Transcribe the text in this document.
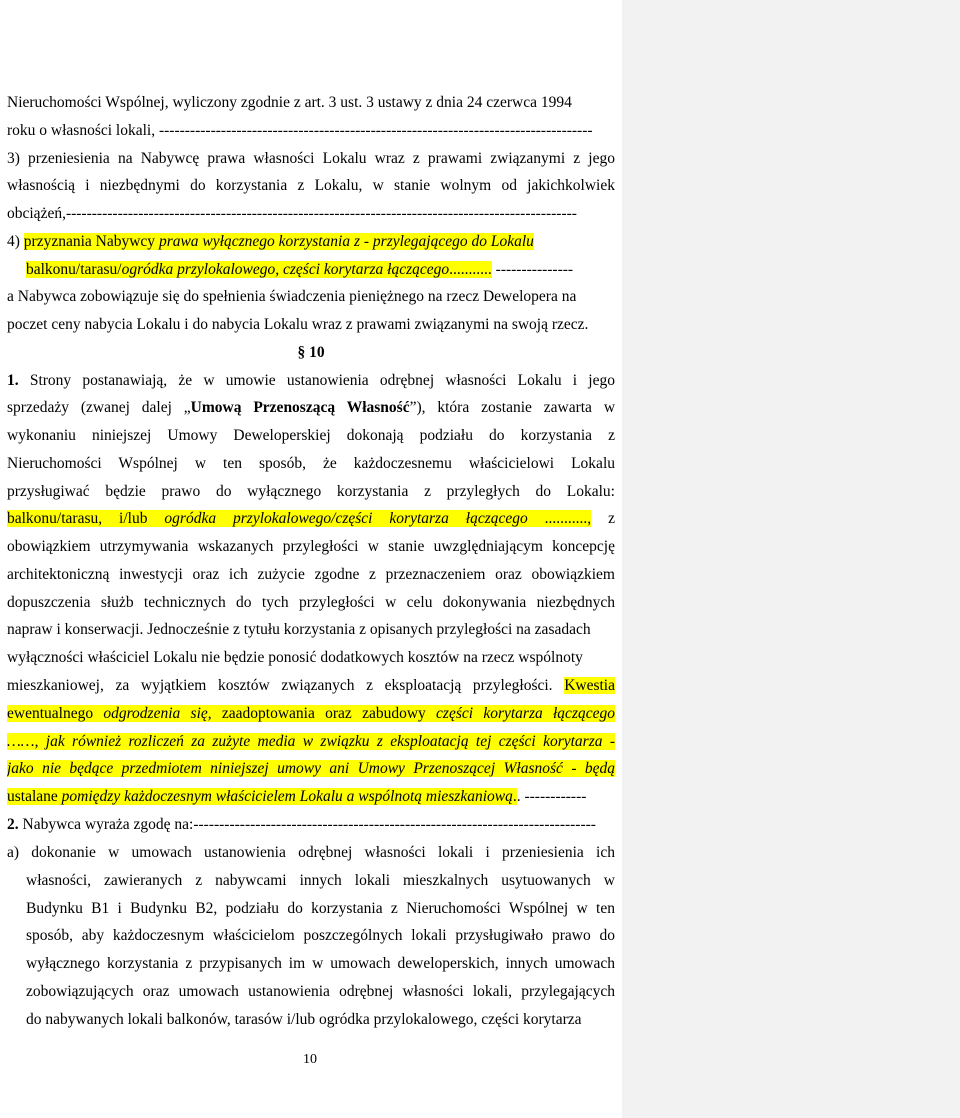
Nieruchomości Wspólnej, wyliczony zgodnie z art. 3 ust. 3 ustawy z dnia 24 czerwca 1994
roku o własności lokali, ------------------------------------------------------------------------------------
3) przeniesienia na Nabywcę prawa własności Lokalu wraz z prawami związanymi z jego
własnością i niezbędnymi do korzystania z Lokalu, w stanie wolnym od jakichkolwiek
obciążeń,---------------------------------------------------------------------------------------------------
4) przyznania Nabywcy prawa wyłącznego korzystania z - przylegającego do Lokalu
balkonu/tarasu/ogródka przylokalowego, części korytarza łączącego........... ---------------
a Nabywca zobowiązuje się do spełnienia świadczenia pieniężnego na rzecz Dewelopera na
poczet ceny nabycia Lokalu i do nabycia Lokalu wraz z prawami związanymi na swoją rzecz.
§ 10
1. Strony postanawiają, że w umowie ustanowienia odrębnej własności Lokalu i jego
sprzedaży (zwanej dalej „Umową Przenoszącą Własność”), która zostanie zawarta w
wykonaniu niniejszej Umowy Deweloperskiej dokonają podziału do korzystania z
Nieruchomości Wspólnej w ten sposób, że każdoczesnemu właścicielowi Lokalu
przysługiwać będzie prawo do wyłącznego korzystania z przyległych do Lokalu:
balkonu/tarasu, i/lub ogródka przylokalowego/części korytarza łączącego ..........., z
obowiązkiem utrzymywania wskazanych przyległości w stanie uwzględniającym koncepcję
architektoniczną inwestycji oraz ich zużycie zgodne z przeznaczeniem oraz obowiązkiem
dopuszczenia służb technicznych do tych przyległości w celu dokonywania niezbędnych
napraw i konserwacji. Jednocześnie z tytułu korzystania z opisanych przyległości na zasadach
wyłączności właściciel Lokalu nie będzie ponosić dodatkowych kosztów na rzecz wspólnoty
mieszkaniowej, za wyjątkiem kosztów związanych z eksploatacją przyległości. Kwestia
ewentualnego odgrodzenia się, zaadoptowania oraz zabudowy części korytarza łączącego
……, jak również rozliczeń za zużyte media w związku z eksploatacją tej części korytarza -
jako nie będące przedmiotem niniejszej umowy ani Umowy Przenoszącej Własność - będą
ustalane pomiędzy każdoczesnym właścicielem Lokalu a wspólnotą mieszkaniową.. ------------
2. Nabywca wyraża zgodę na:------------------------------------------------------------------------------
a) dokonanie w umowach ustanowienia odrębnej własności lokali i przeniesienia ich
własności, zawieranych z nabywcami innych lokali mieszkalnych usytuowanych w
Budynku B1 i Budynku B2, podziału do korzystania z Nieruchomości Wspólnej w ten
sposób, aby każdoczesnym właścicielom poszczególnych lokali przysługiwało prawo do
wyłącznego korzystania z przypisanych im w umowach deweloperskich, innych umowach
zobowiązujących oraz umowach ustanowienia odrębnej własności lokali, przylegających
do nabywanych lokali balkonów, tarasów i/lub ogródka przylokalowego, części korytarza
10
